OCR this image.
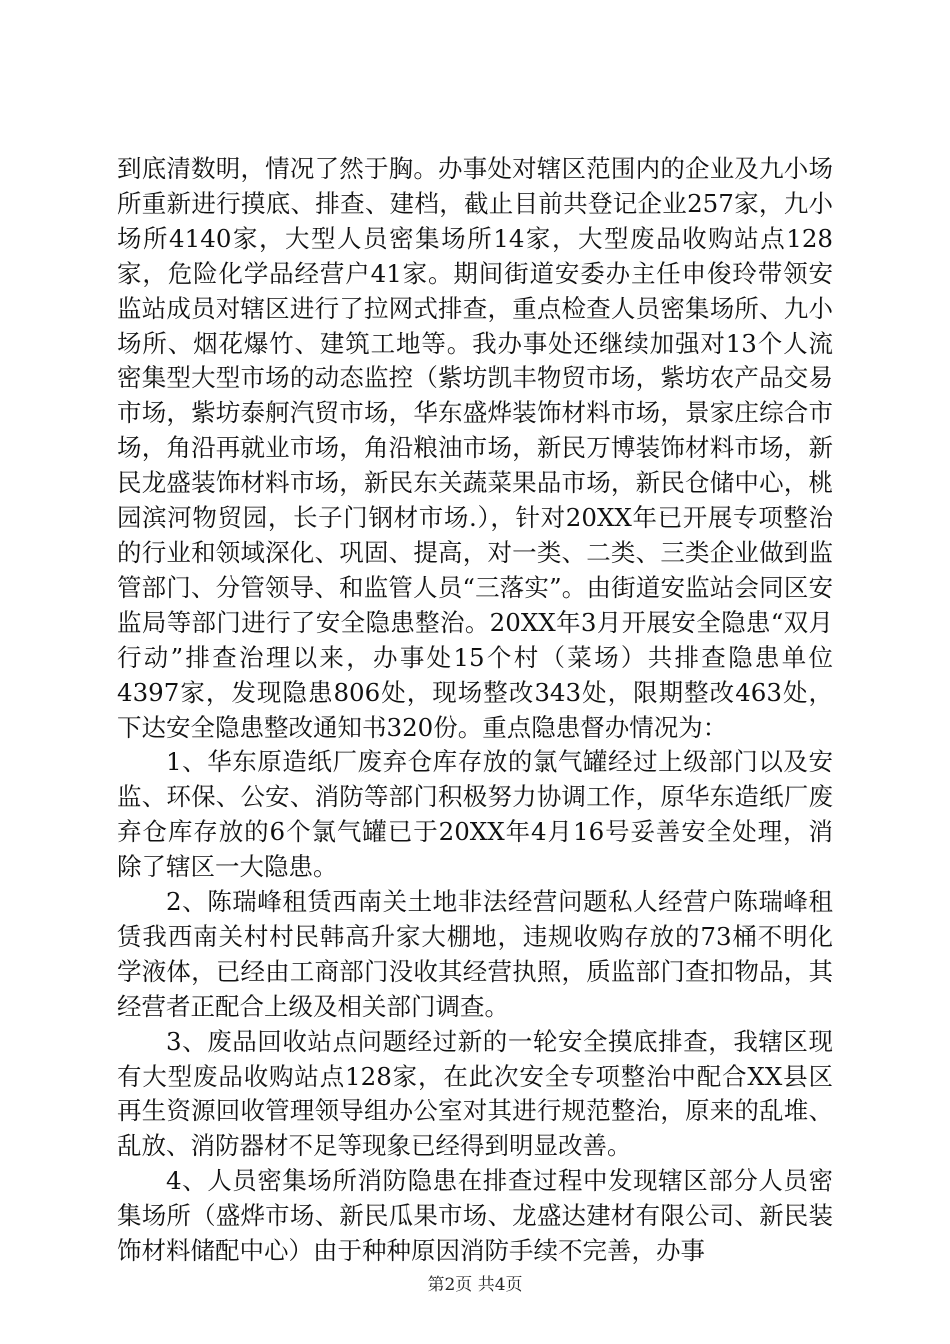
到底清数明，情况了然于胸。办事处对辖区范围内的企业及九小场所重新进行摸底、排查、建档，截止目前共登记企业257家，九小场所4140家，大型人员密集场所14家，大型废品收购站点128家，危险化学品经营户41家。期间街道安委办主任申俊玲带领安监站成员对辖区进行了拉网式排查，重点检查人员密集场所、九小场所、烟花爆竹、建筑工地等。我办事处还继续加强对13个人流密集型大型市场的动态监控（紫坊凯丰物贸市场，紫坊农产品交易市场，紫坊泰舸汽贸市场，华东盛烨装饰材料市场，景家庄综合市场，角沿再就业市场，角沿粮油市场，新民万博装饰材料市场，新民龙盛装饰材料市场，新民东关蔬菜果品市场，新民仓储中心，桃园滨河物贸园，长子门钢材市场.），针对20XX年已开展专项整治的行业和领域深化、巩固、提高，对一类、二类、三类企业做到监管部门、分管领导、和监管人员“三落实”。由街道安监站会同区安监局等部门进行了安全隐患整治。20XX年3月开展安全隐患“双月行动”排查治理以来，办事处15个村（菜场）共排查隐患单位4397家，发现隐患806处，现场整改343处，限期整改463处，下达安全隐患整改通知书320份。重点隐患督办情况为：

1、华东原造纸厂废弃仓库存放的氯气罐经过上级部门以及安监、环保、公安、消防等部门积极努力协调工作，原华东造纸厂废弃仓库存放的6个氯气罐已于20XX年4月16号妥善安全处理，消除了辖区一大隐患。

2、陈瑞峰租赁西南关土地非法经营问题私人经营户陈瑞峰租赁我西南关村村民韩高升家大棚地，违规收购存放的73桶不明化学液体，已经由工商部门没收其经营执照，质监部门查扣物品，其经营者正配合上级及相关部门调查。

3、废品回收站点问题经过新的一轮安全摸底排查，我辖区现有大型废品收购站点128家，在此次安全专项整治中配合XX县区再生资源回收管理领导组办公室对其进行规范整治，原来的乱堆、乱放、消防器材不足等现象已经得到明显改善。

4、人员密集场所消防隐患在排查过程中发现辖区部分人员密集场所（盛烨市场、新民瓜果市场、龙盛达建材有限公司、新民装饰材料储配中心）由于种种原因消防手续不完善，办事

第2页 共4页
